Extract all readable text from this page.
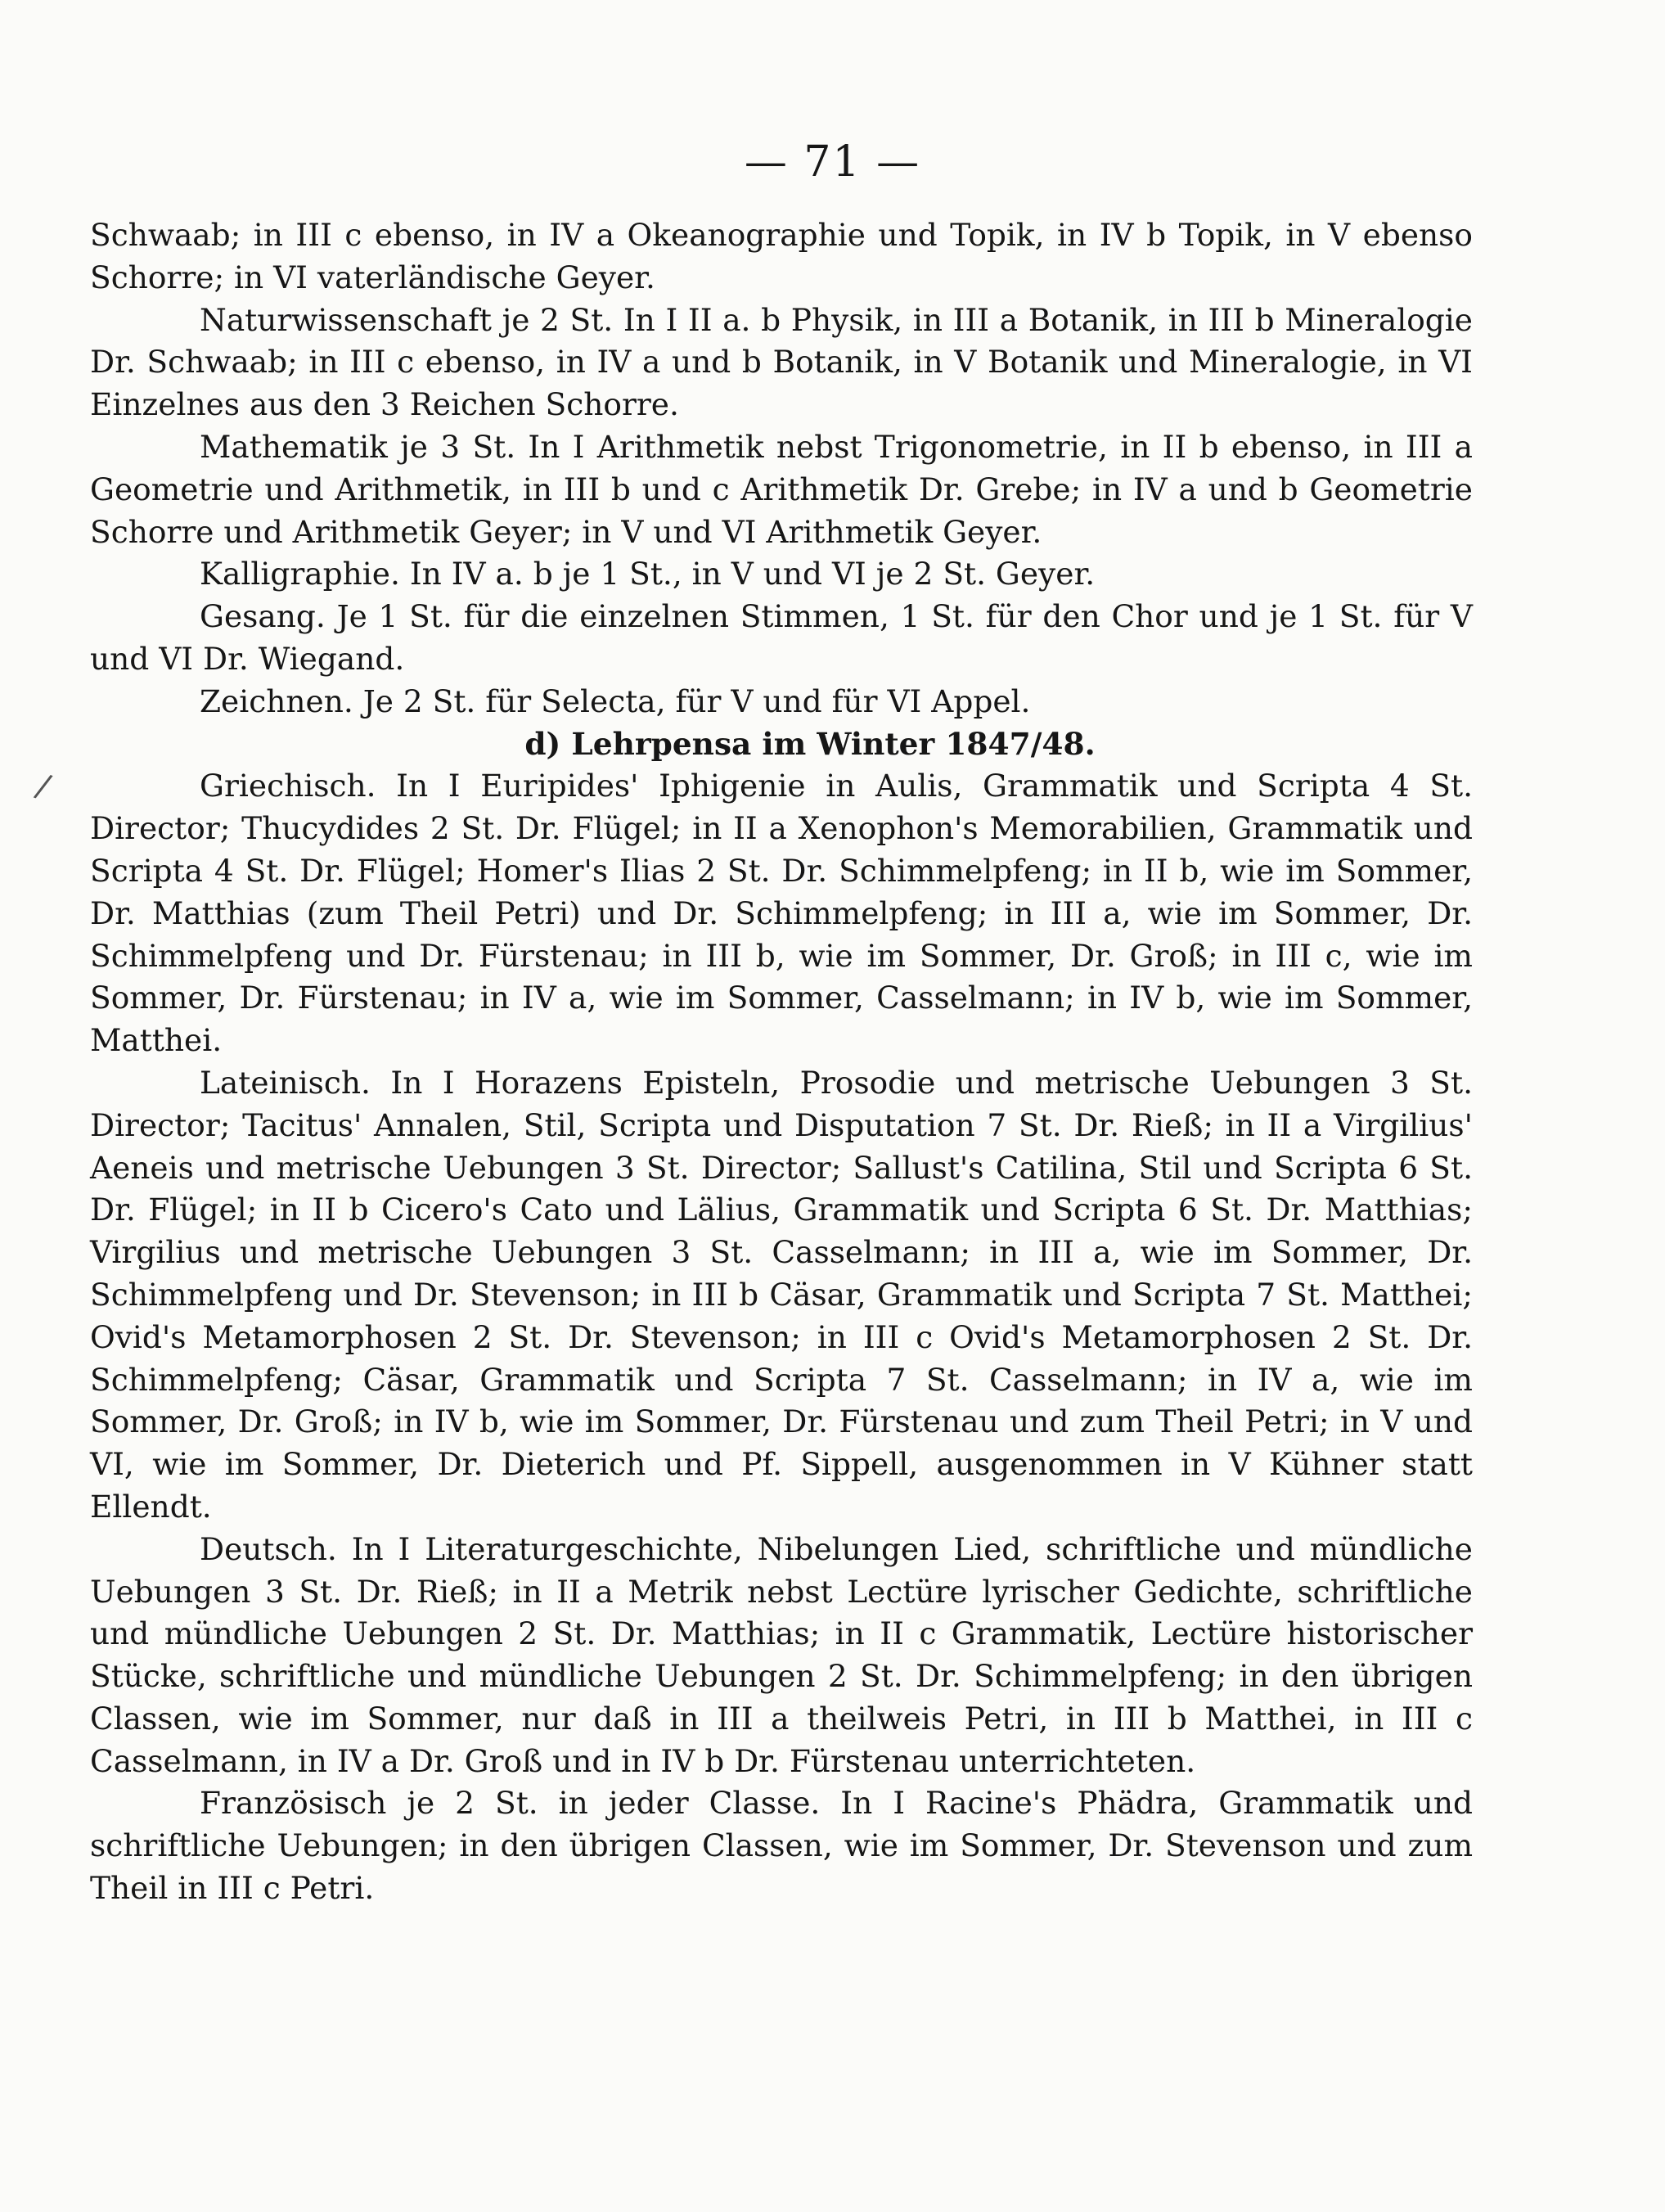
— 71 —
/

Schwaab; in III c ebenso, in IV a Okeanographie und Topik, in IV b Topik, in V ebenso Schorre; in VI vaterländische Geyer.

Naturwissenschaft je 2 St. In I II a. b Physik, in III a Botanik, in III b Mineralogie Dr. Schwaab; in III c ebenso, in IV a und b Botanik, in V Botanik und Mineralogie, in VI Einzelnes aus den 3 Reichen Schorre.

Mathematik je 3 St. In I Arithmetik nebst Trigonometrie, in II b ebenso, in III a Geometrie und Arithmetik, in III b und c Arithmetik Dr. Grebe; in IV a und b Geometrie Schorre und Arithmetik Geyer; in V und VI Arithmetik Geyer.

Kalligraphie. In IV a. b je 1 St., in V und VI je 2 St. Geyer.

Gesang. Je 1 St. für die einzelnen Stimmen, 1 St. für den Chor und je 1 St. für V und VI Dr. Wiegand.

Zeichnen. Je 2 St. für Selecta, für V und für VI Appel.

d) Lehrpensa im Winter 1847/48.

Griechisch. In I Euripides' Iphigenie in Aulis, Grammatik und Scripta 4 St. Director; Thucydides 2 St. Dr. Flügel; in II a Xenophon's Memorabilien, Grammatik und Scripta 4 St. Dr. Flügel; Homer's Ilias 2 St. Dr. Schimmelpfeng; in II b, wie im Sommer, Dr. Matthias (zum Theil Petri) und Dr. Schimmelpfeng; in III a, wie im Sommer, Dr. Schimmelpfeng und Dr. Fürstenau; in III b, wie im Sommer, Dr. Groß; in III c, wie im Sommer, Dr. Fürstenau; in IV a, wie im Sommer, Casselmann; in IV b, wie im Sommer, Matthei.

Lateinisch. In I Horazens Episteln, Prosodie und metrische Uebungen 3 St. Director; Tacitus' Annalen, Stil, Scripta und Disputation 7 St. Dr. Rieß; in II a Virgilius' Aeneis und metrische Uebungen 3 St. Director; Sallust's Catilina, Stil und Scripta 6 St. Dr. Flügel; in II b Cicero's Cato und Lälius, Grammatik und Scripta 6 St. Dr. Matthias; Virgilius und metrische Uebungen 3 St. Casselmann; in III a, wie im Sommer, Dr. Schimmelpfeng und Dr. Stevenson; in III b Cäsar, Grammatik und Scripta 7 St. Matthei; Ovid's Metamorphosen 2 St. Dr. Stevenson; in III c Ovid's Metamorphosen 2 St. Dr. Schimmelpfeng; Cäsar, Grammatik und Scripta 7 St. Casselmann; in IV a, wie im Sommer, Dr. Groß; in IV b, wie im Sommer, Dr. Fürstenau und zum Theil Petri; in V und VI, wie im Sommer, Dr. Dieterich und Pf. Sippell, ausgenommen in V Kühner statt Ellendt.

Deutsch. In I Literaturgeschichte, Nibelungen Lied, schriftliche und mündliche Uebungen 3 St. Dr. Rieß; in II a Metrik nebst Lectüre lyrischer Gedichte, schriftliche und mündliche Uebungen 2 St. Dr. Matthias; in II c Grammatik, Lectüre historischer Stücke, schriftliche und mündliche Uebungen 2 St. Dr. Schimmelpfeng; in den übrigen Classen, wie im Sommer, nur daß in III a theilweis Petri, in III b Matthei, in III c Casselmann, in IV a Dr. Groß und in IV b Dr. Fürstenau unterrichteten.

Französisch je 2 St. in jeder Classe. In I Racine's Phädra, Grammatik und schriftliche Uebungen; in den übrigen Classen, wie im Sommer, Dr. Stevenson und zum Theil in III c Petri.
